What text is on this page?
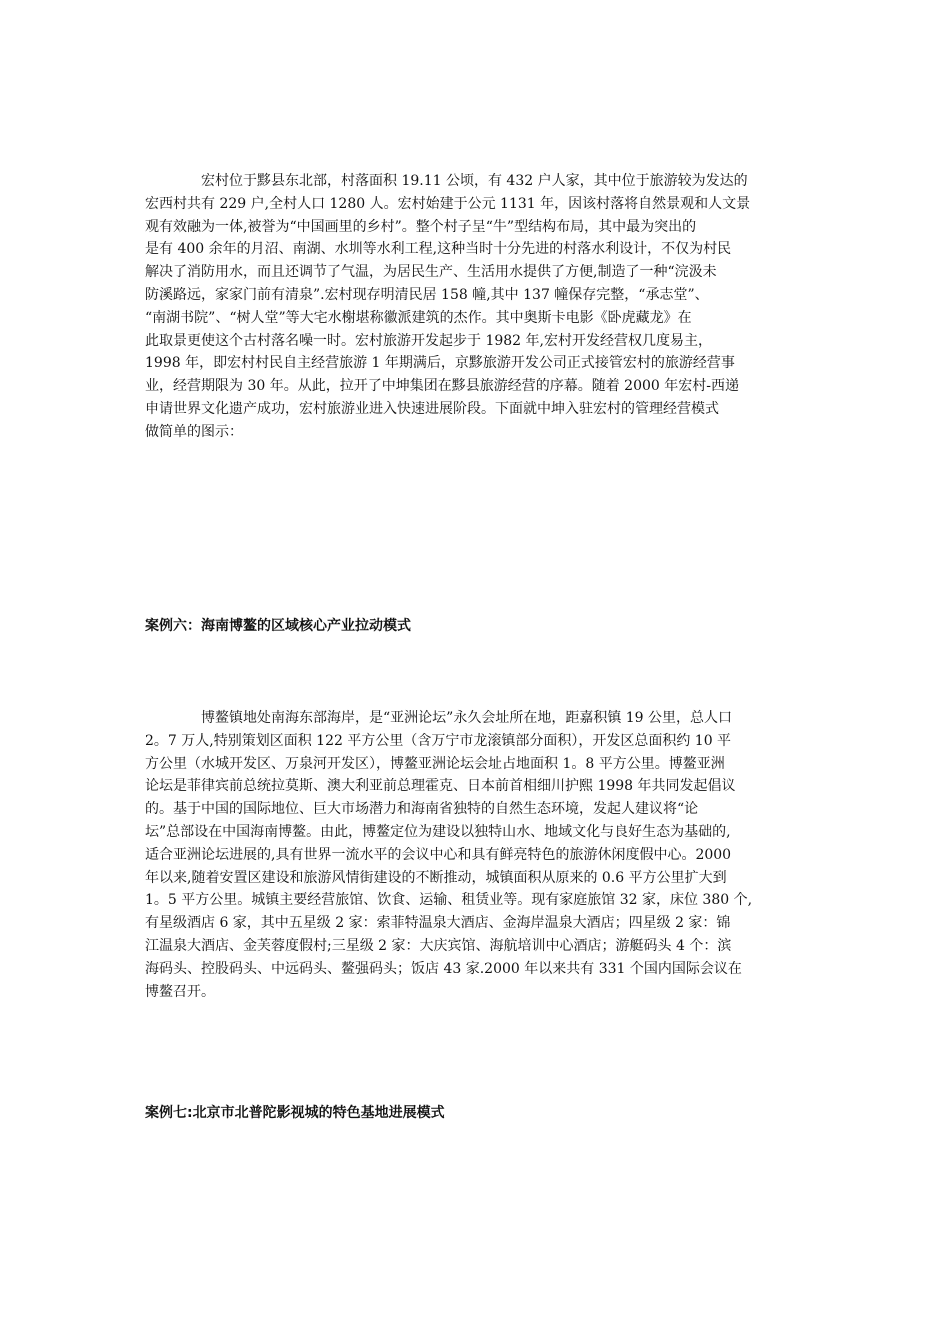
宏村位于黟县东北部，村落面积 19.11 公顷，有 432 户人家，其中位于旅游较为发达的
宏西村共有 229 户,全村人口 1280 人。宏村始建于公元 1131 年，因该村落将自然景观和人文景
观有效融为一体,被誉为“中国画里的乡村”。整个村子呈“牛”型结构布局，其中最为突出的
是有 400 余年的月沼、南湖、水圳等水利工程,这种当时十分先进的村落水利设计，不仅为村民
解决了消防用水，而且还调节了气温，为居民生产、生活用水提供了方便,制造了一种“浣汲未
防溪路远，家家门前有清泉”.宏村现存明清民居 158 幢,其中 137 幢保存完整，“承志堂”、
“南湖书院”、“树人堂”等大宅水榭堪称徽派建筑的杰作。其中奥斯卡电影《卧虎藏龙》在
此取景更使这个古村落名噪一时。宏村旅游开发起步于 1982 年,宏村开发经营权几度易主，
1998 年，即宏村村民自主经营旅游 1 年期满后，京黟旅游开发公司正式接管宏村的旅游经营事
业，经营期限为 30 年。从此，拉开了中坤集团在黟县旅游经营的序幕。随着 2000 年宏村-西递
申请世界文化遗产成功，宏村旅游业进入快速进展阶段。下面就中坤入驻宏村的管理经营模式
做简单的图示：
案例六：海南博鳌的区域核心产业拉动模式
博鳌镇地处南海东部海岸，是“亚洲论坛”永久会址所在地，距嘉积镇 19 公里，总人口
2。7 万人,特别策划区面积 122 平方公里（含万宁市龙滚镇部分面积），开发区总面积约 10 平
方公里（水城开发区、万泉河开发区），博鳌亚洲论坛会址占地面积 1。8 平方公里。博鳌亚洲
论坛是菲律宾前总统拉莫斯、澳大利亚前总理霍克、日本前首相细川护熙 1998 年共同发起倡议
的。基于中国的国际地位、巨大市场潜力和海南省独特的自然生态环境，发起人建议将“论
坛”总部设在中国海南博鳌。由此，博鳌定位为建设以独特山水、地域文化与良好生态为基础的,
适合亚洲论坛进展的,具有世界一流水平的会议中心和具有鲜亮特色的旅游休闲度假中心。2000
年以来,随着安置区建设和旅游风情街建设的不断推动，城镇面积从原来的 0.6 平方公里扩大到
1。5 平方公里。城镇主要经营旅馆、饮食、运输、租赁业等。现有家庭旅馆 32 家，床位 380 个,
有星级酒店 6 家，其中五星级 2 家：索菲特温泉大酒店、金海岸温泉大酒店；四星级 2 家：锦
江温泉大酒店、金芙蓉度假村;三星级 2 家：大庆宾馆、海航培训中心酒店；游艇码头 4 个：滨
海码头、控股码头、中远码头、鳌强码头；饭店 43 家.2000 年以来共有 331 个国内国际会议在
博鳌召开。
案例七:北京市北普陀影视城的特色基地进展模式
